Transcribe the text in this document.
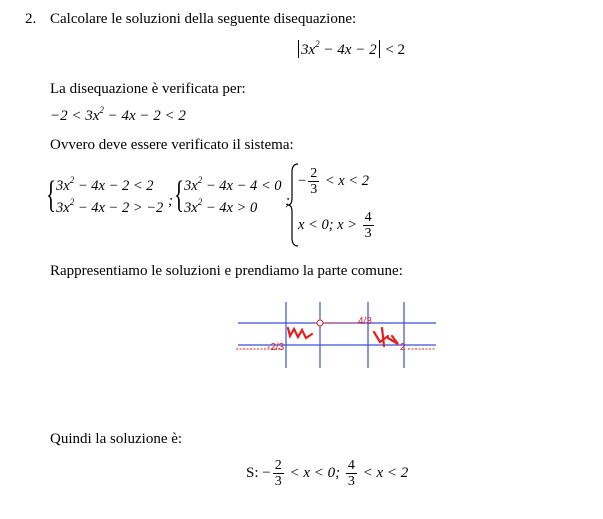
2. Calcolare le soluzioni della seguente disequazione:
$3x^2 - 4x - 2 < 2$
La disequazione è verificata per:
$-2 < 3x^2 - 4x - 2 < 2$
Ovvero deve essere verificato il sistema:
{ $3x^2 - 4x - 2 < 2$
$3x^2 - 4x - 2 > -2$ ; { $3x^2 - 4x - 4 < 0$
$3x^2 - 4x > 0$ ;
− $\frac{2}{3} < x < 2$
x < 0; $x > \frac{4}{3}$
Rappresentiamo le soluzioni e prendiamo la parte comune:
-2/3
4/3
2
Quindi la soluzione è:
S: − $\frac{2}{3} < x < 0$; $\frac{4}{3} < x < 2$
